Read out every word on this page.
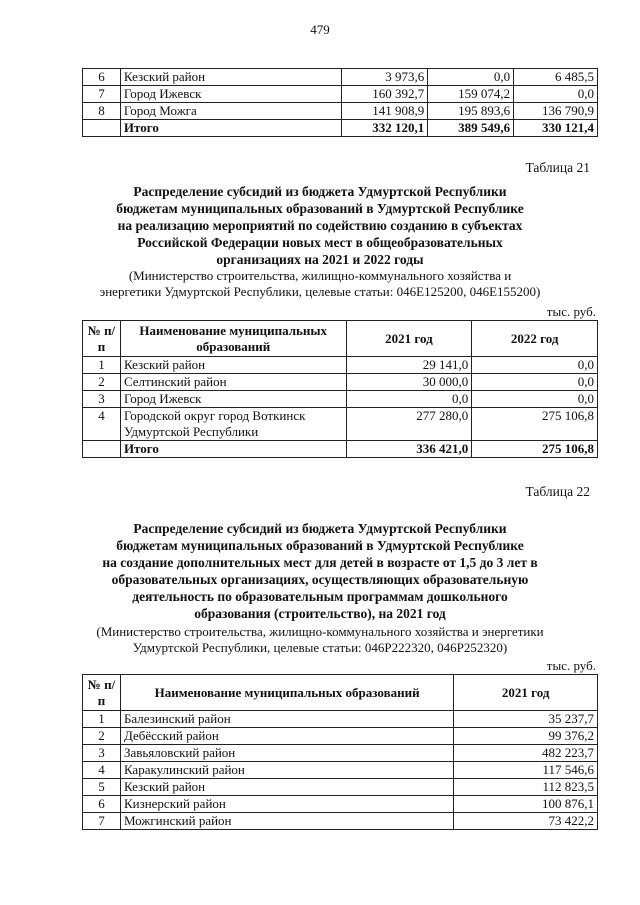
479
6	Кезский район	3 973,6	0,0	6 485,5
7	Город Ижевск	160 392,7	159 074,2	0,0
8	Город Можга	141 908,9	195 893,6	136 790,9
	Итого	332 120,1	389 549,6	330 121,4
Таблица 21
Распределение субсидий из бюджета Удмуртской Республики
бюджетам муниципальных образований в Удмуртской Республике
на реализацию мероприятий по содействию созданию в субъектах
Российской Федерации новых мест в общеобразовательных
организациях на 2021 и 2022 годы
(Министерство строительства, жилищно-коммунального хозяйства и
энергетики Удмуртской Республики, целевые статьи: 046E125200, 046E155200)
тыс. руб.
№ п/п	Наименование муниципальных образований	2021 год	2022 год
1	Кезский район	29 141,0	0,0
2	Селтинский район	30 000,0	0,0
3	Город Ижевск	0,0	0,0
4	Городской округ город Воткинск Удмуртской Республики	277 280,0	275 106,8
	Итого	336 421,0	275 106,8
Таблица 22
Распределение субсидий из бюджета Удмуртской Республики
бюджетам муниципальных образований в Удмуртской Республике
на создание дополнительных мест для детей в возрасте от 1,5 до 3 лет в
образовательных организациях, осуществляющих образовательную
деятельность по образовательным программам дошкольного
образования (строительство), на 2021 год
(Министерство строительства, жилищно-коммунального хозяйства и энергетики
Удмуртской Республики, целевые статьи: 046P222320, 046P252320)
тыс. руб.
№ п/п	Наименование муниципальных образований	2021 год
1	Балезинский район	35 237,7
2	Дебёсский район	99 376,2
3	Завьяловский район	482 223,7
4	Каракулинский район	117 546,6
5	Кезский район	112 823,5
6	Кизнерский район	100 876,1
7	Можгинский район	73 422,2
